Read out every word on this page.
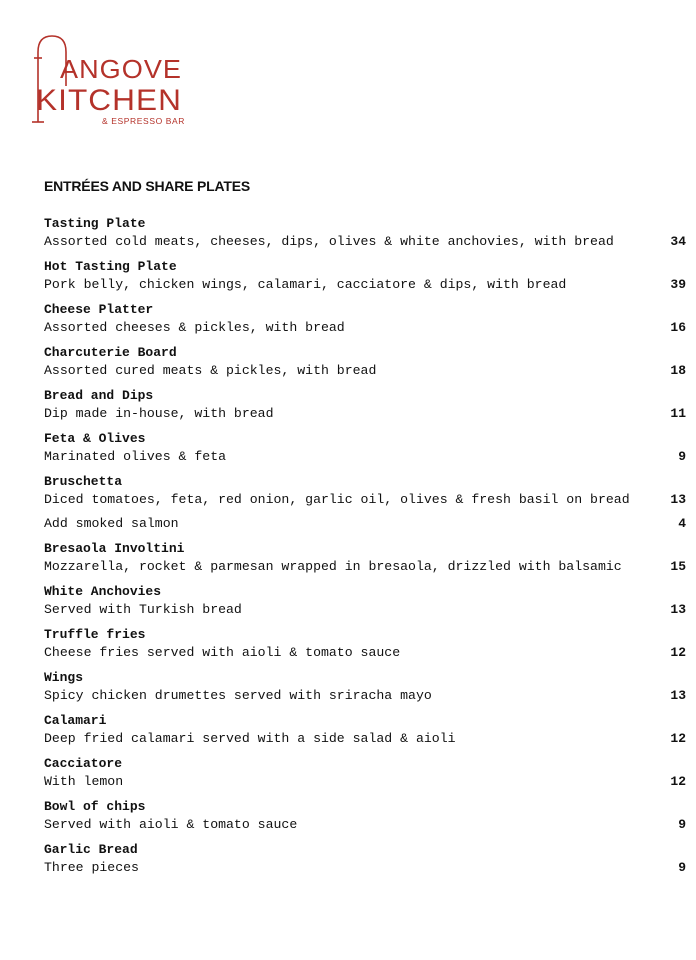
ANGOVE
KITCHEN
& ESPRESSO BAR
ENTRÉES AND SHARE PLATES
Tasting Plate
Assorted cold meats, cheeses, dips, olives & white anchovies, with bread	34
Hot Tasting Plate
Pork belly, chicken wings, calamari, cacciatore & dips, with bread	39
Cheese Platter
Assorted cheeses & pickles, with bread	16
Charcuterie Board
Assorted cured meats & pickles, with bread	18
Bread and Dips
Dip made in-house, with bread	11
Feta & Olives
Marinated olives & feta	9
Bruschetta
Diced tomatoes, feta, red onion, garlic oil, olives & fresh basil on bread	13
Add smoked salmon	4
Bresaola Involtini
Mozzarella, rocket & parmesan wrapped in bresaola, drizzled with balsamic	15
White Anchovies
Served with Turkish bread	13
Truffle fries
Cheese fries served with aioli & tomato sauce	12
Wings
Spicy chicken drumettes served with sriracha mayo	13
Calamari
Deep fried calamari served with a side salad & aioli	12
Cacciatore
With lemon	12
Bowl of chips
Served with aioli & tomato sauce	9
Garlic Bread
Three pieces	9
